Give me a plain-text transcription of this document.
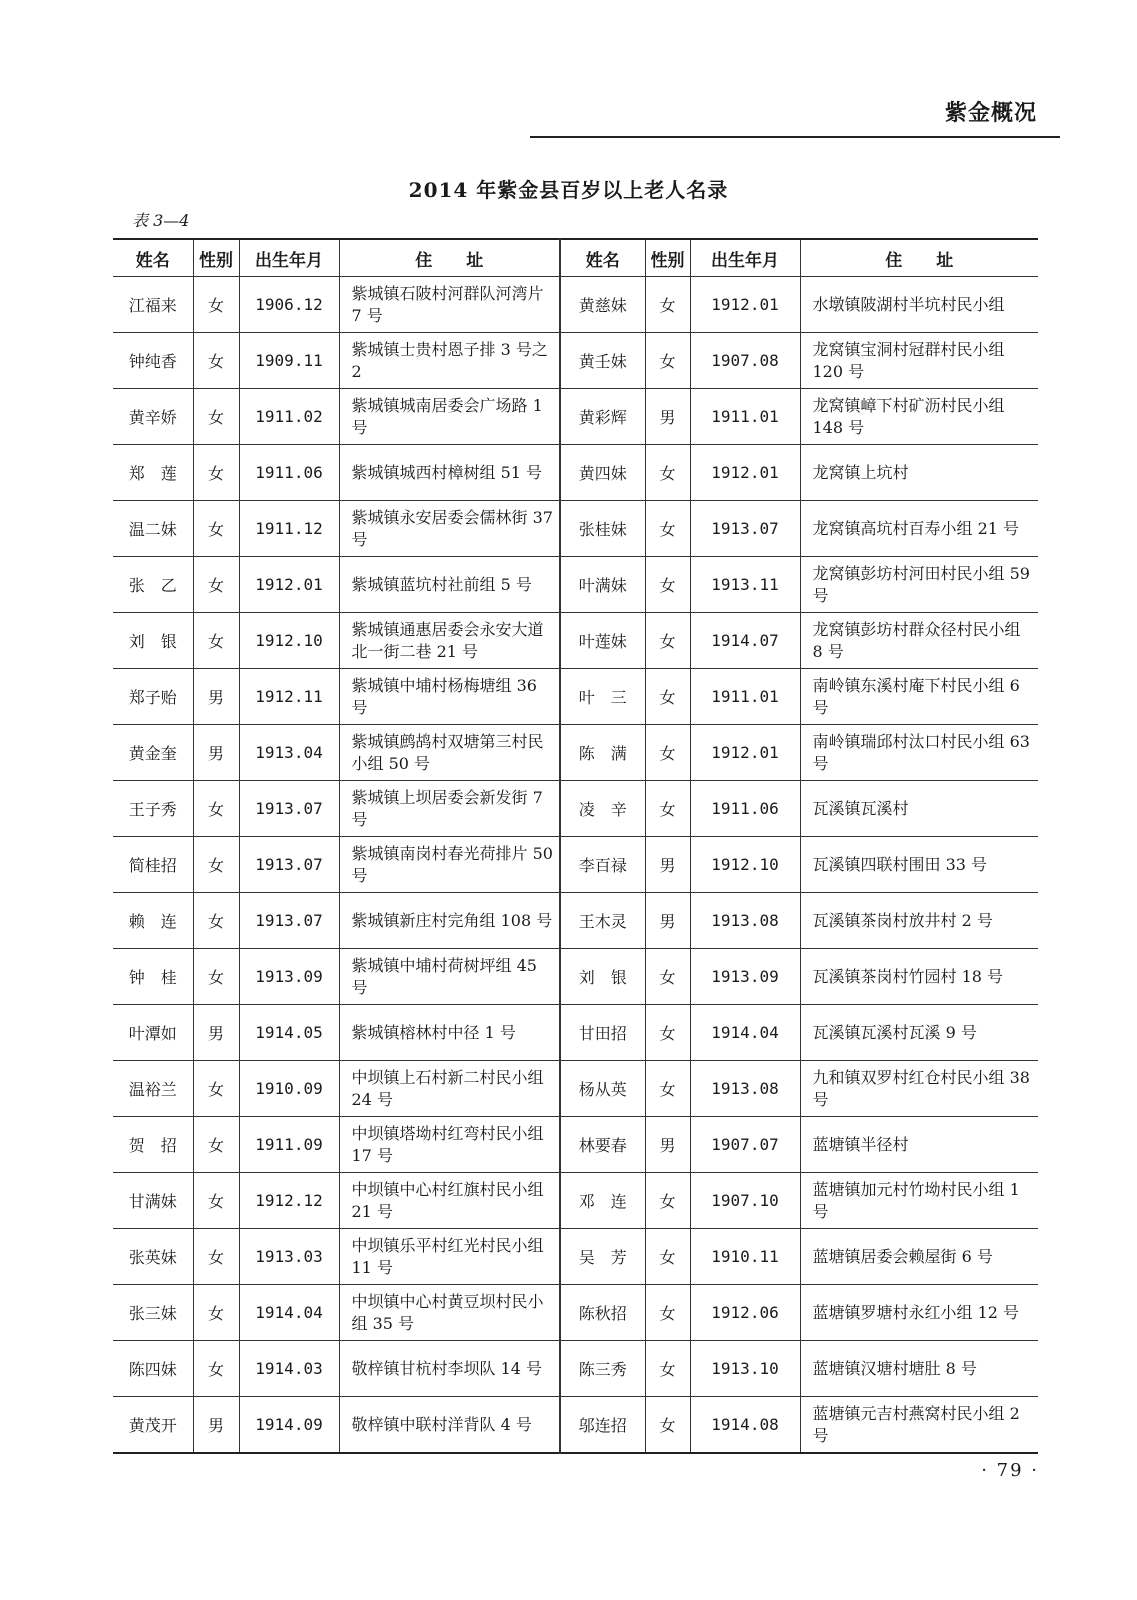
紫金概况
2014 年紫金县百岁以上老人名录
表 3—4
姓名	性别	出生年月	住　　址	姓名	性别	出生年月	住　　址
江福来	女	1906.12	紫城镇石陂村河群队河湾片 7 号	黄慈妹	女	1912.01	水墩镇陂湖村半坑村民小组
钟纯香	女	1909.11	紫城镇士贵村恩子排 3 号之 2	黄壬妹	女	1907.08	龙窝镇宝洞村冠群村民小组 120 号
黄辛娇	女	1911.02	紫城镇城南居委会广场路 1 号	黄彩辉	男	1911.01	龙窝镇嶂下村矿沥村民小组 148 号
郑　莲	女	1911.06	紫城镇城西村樟树组 51 号	黄四妹	女	1912.01	龙窝镇上坑村
温二妹	女	1911.12	紫城镇永安居委会儒林街 37 号	张桂妹	女	1913.07	龙窝镇高坑村百寿小组 21 号
张　乙	女	1912.01	紫城镇蓝坑村社前组 5 号	叶满妹	女	1913.11	龙窝镇彭坊村河田村民小组 59 号
刘　银	女	1912.10	紫城镇通惠居委会永安大道北一街二巷 21 号	叶莲妹	女	1914.07	龙窝镇彭坊村群众径村民小组 8 号
郑子贻	男	1912.11	紫城镇中埔村杨梅塘组 36 号	叶　三	女	1911.01	南岭镇东溪村庵下村民小组 6 号
黄金奎	男	1913.04	紫城镇鹧鸪村双塘第三村民小组 50 号	陈　满	女	1912.01	南岭镇瑞邱村汰口村民小组 63 号
王子秀	女	1913.07	紫城镇上坝居委会新发街 7 号	凌　辛	女	1911.06	瓦溪镇瓦溪村
简桂招	女	1913.07	紫城镇南岗村春光荷排片 50 号	李百禄	男	1912.10	瓦溪镇四联村围田 33 号
赖　连	女	1913.07	紫城镇新庄村完角组 108 号	王木灵	男	1913.08	瓦溪镇茶岗村放井村 2 号
钟　桂	女	1913.09	紫城镇中埔村荷树坪组 45 号	刘　银	女	1913.09	瓦溪镇茶岗村竹园村 18 号
叶潭如	男	1914.05	紫城镇榕林村中径 1 号	甘田招	女	1914.04	瓦溪镇瓦溪村瓦溪 9 号
温裕兰	女	1910.09	中坝镇上石村新二村民小组 24 号	杨从英	女	1913.08	九和镇双罗村红仓村民小组 38 号
贺　招	女	1911.09	中坝镇塔坳村红弯村民小组 17 号	林要春	男	1907.07	蓝塘镇半径村
甘满妹	女	1912.12	中坝镇中心村红旗村民小组 21 号	邓　连	女	1907.10	蓝塘镇加元村竹坳村民小组 1 号
张英妹	女	1913.03	中坝镇乐平村红光村民小组 11 号	吴　芳	女	1910.11	蓝塘镇居委会赖屋街 6 号
张三妹	女	1914.04	中坝镇中心村黄豆坝村民小组 35 号	陈秋招	女	1912.06	蓝塘镇罗塘村永红小组 12 号
陈四妹	女	1914.03	敬梓镇甘杭村李坝队 14 号	陈三秀	女	1913.10	蓝塘镇汉塘村塘肚 8 号
黄茂开	男	1914.09	敬梓镇中联村洋背队 4 号	邬连招	女	1914.08	蓝塘镇元吉村燕窝村民小组 2 号
· 79 ·
